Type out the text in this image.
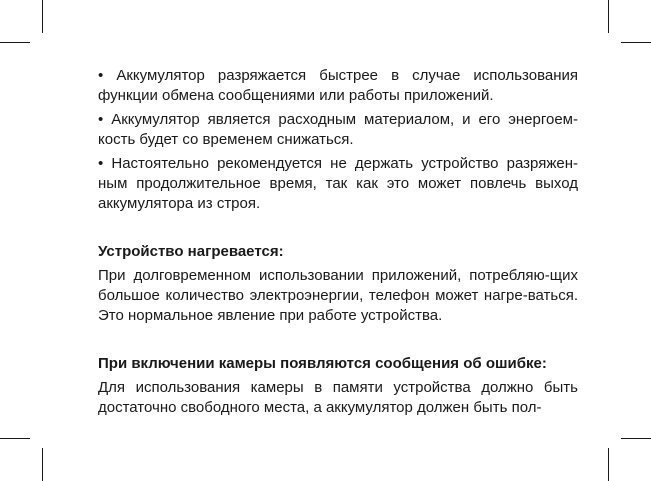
• Аккумулятор разряжается быстрее в случае использования функции обмена сообщениями или работы приложений.

• Аккумулятор является расходным материалом, и его энергоем-кость будет со временем снижаться.

• Настоятельно рекомендуется не держать устройство разряжен-ным продолжительное время, так как это может повлечь выход аккумулятора из строя.

Устройство нагревается:

При долговременном использовании приложений, потребляю-щих большое количество электроэнергии, телефон может нагре-ваться. Это нормальное явление при работе устройства.

При включении камеры появляются сообщения об ошибке:

Для использования камеры в памяти устройства должно быть достаточно свободного места, а аккумулятор должен быть пол-
